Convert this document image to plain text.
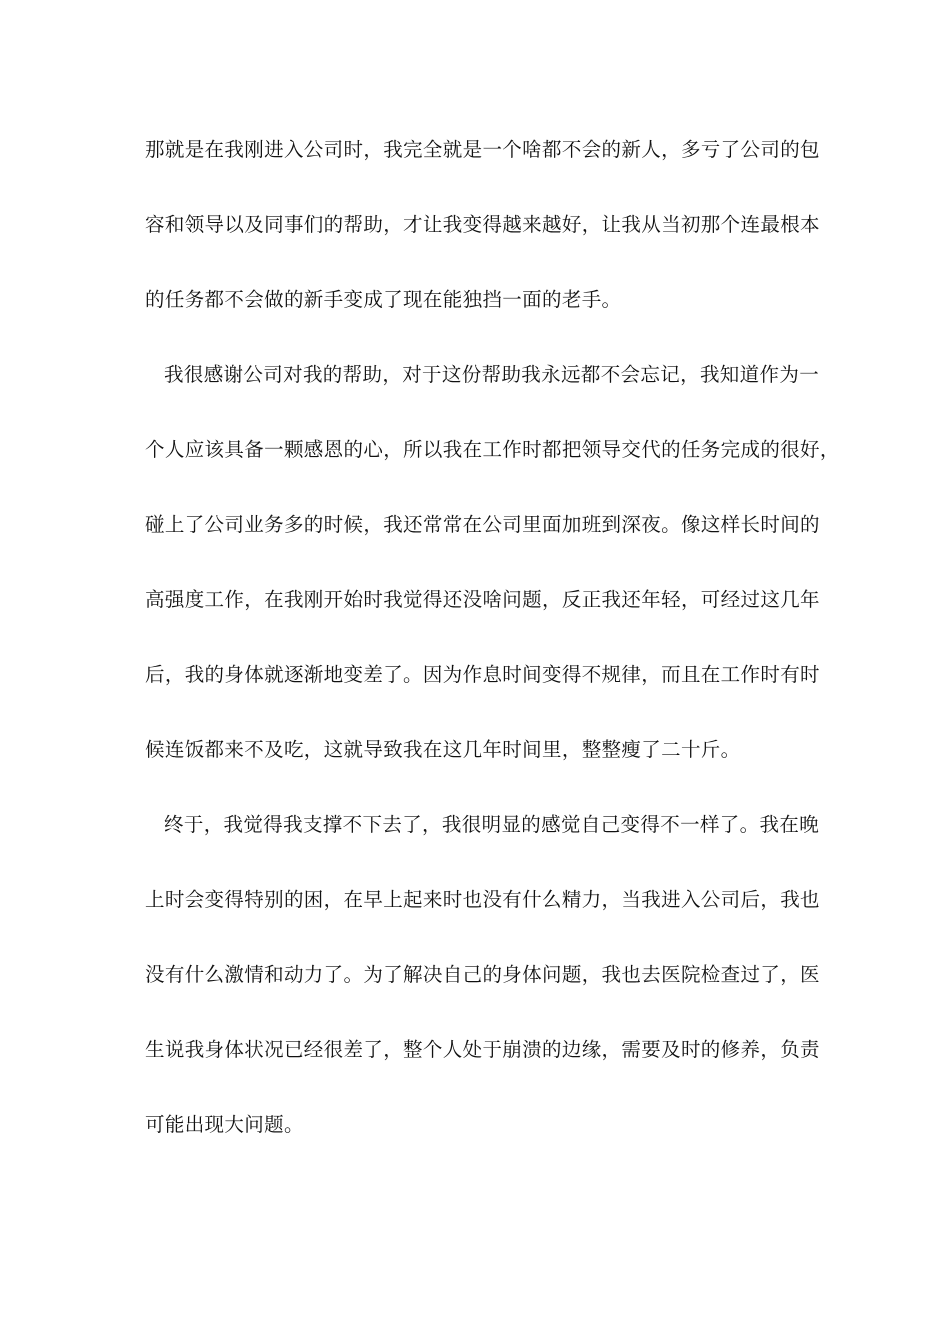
那就是在我刚进入公司时，我完全就是一个啥都不会的新人，多亏了公司的包
容和领导以及同事们的帮助，才让我变得越来越好，让我从当初那个连最根本
的任务都不会做的新手变成了现在能独挡一面的老手。
我很感谢公司对我的帮助，对于这份帮助我永远都不会忘记，我知道作为一
个人应该具备一颗感恩的心，所以我在工作时都把领导交代的任务完成的很好，
碰上了公司业务多的时候，我还常常在公司里面加班到深夜。像这样长时间的
高强度工作，在我刚开始时我觉得还没啥问题，反正我还年轻，可经过这几年
后，我的身体就逐渐地变差了。因为作息时间变得不规律，而且在工作时有时
候连饭都来不及吃，这就导致我在这几年时间里，整整瘦了二十斤。
终于，我觉得我支撑不下去了，我很明显的感觉自己变得不一样了。我在晚
上时会变得特别的困，在早上起来时也没有什么精力，当我进入公司后，我也
没有什么激情和动力了。为了解决自己的身体问题，我也去医院检查过了，医
生说我身体状况已经很差了，整个人处于崩溃的边缘，需要及时的修养，负责
可能出现大问题。
